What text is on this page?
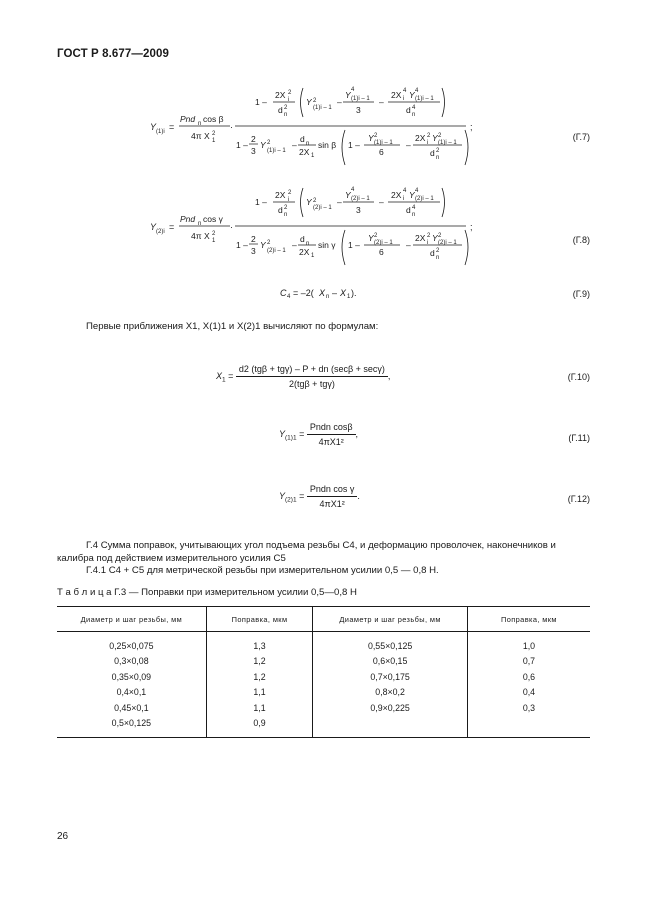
ГОСТ Р 8.677—2009
Y (1)i =
Pnd n cos β
4π X 2
1
·
1 –
2X 2
i
d 2
n
Y 2
(1)i – 1
–
Y 4
(1)i – 1
3
–
2X 4
i Y 4
(1)i – 1
d 4
n
1 –
2
3
Y 2
(1)i – 1
–
d n
2X 1
sin β 1 –
Y 2
(1)i – 1
6
–
2X 2
i Y 2
(1)i – 1
d 2
n
;
(Г.7)
Y (2)i =
Pnd n cos γ
4π X 2
1
·
1 –
2X 2
i
d 2
n
Y 2
(2)i – 1
–
Y 4
(2)i – 1
3
–
2X 4
i Y 4
(2)i – 1
d 4
n
1 –
2
3
Y 2
(2)i – 1
–
d n
2X 1
sin γ 1 –
Y 2
(2)i – 1
6
–
2X 2
i Y 2
(2)i – 1
d 2
n
;
(Г.8)
C 4 = –2( X n – X 1 ).	(Г.9)
Первые приближения X1, X(1)1 и X(2)1 вычисляют по формулам:
$X_1 = \frac{\text{d2 (tgβ + tgγ) – P + dn (secβ + secγ)}}{\text{2(tgβ + tgγ)}}$ ,	(Г.10)
$Y_{(1)1} = \frac{\text{Pndn cosβ}}{\text{4πX1²}}$ ,	(Г.11)
$Y_{(2)1} = \frac{\text{Pndn cos γ}}{\text{4πX1²}}$ .	(Г.12)
Г.4 Сумма поправок, учитывающих угол подъема резьбы C4, и деформацию проволочек, наконечников и
калибра под действием измерительного усилия C5
Г.4.1 C4 + C5 для метрической резьбы при измерительном усилии 0,5 — 0,8 Н.
Т а б л и ц а Г.3 — Поправки при измерительном усилии 0,5—0,8 Н
Диаметр и шаг резьбы, мм	Поправка, мкм	Диаметр и шаг резьбы, мм	Поправка, мкм
0,25×0,075	1,3	0,55×0,125	1,0
0,3×0,08	1,2	0,6×0,15	0,7
0,35×0,09	1,2	0,7×0,175	0,6
0,4×0,1	1,1	0,8×0,2	0,4
0,45×0,1	1,1	0,9×0,225	0,3
0,5×0,125	0,9		
26
